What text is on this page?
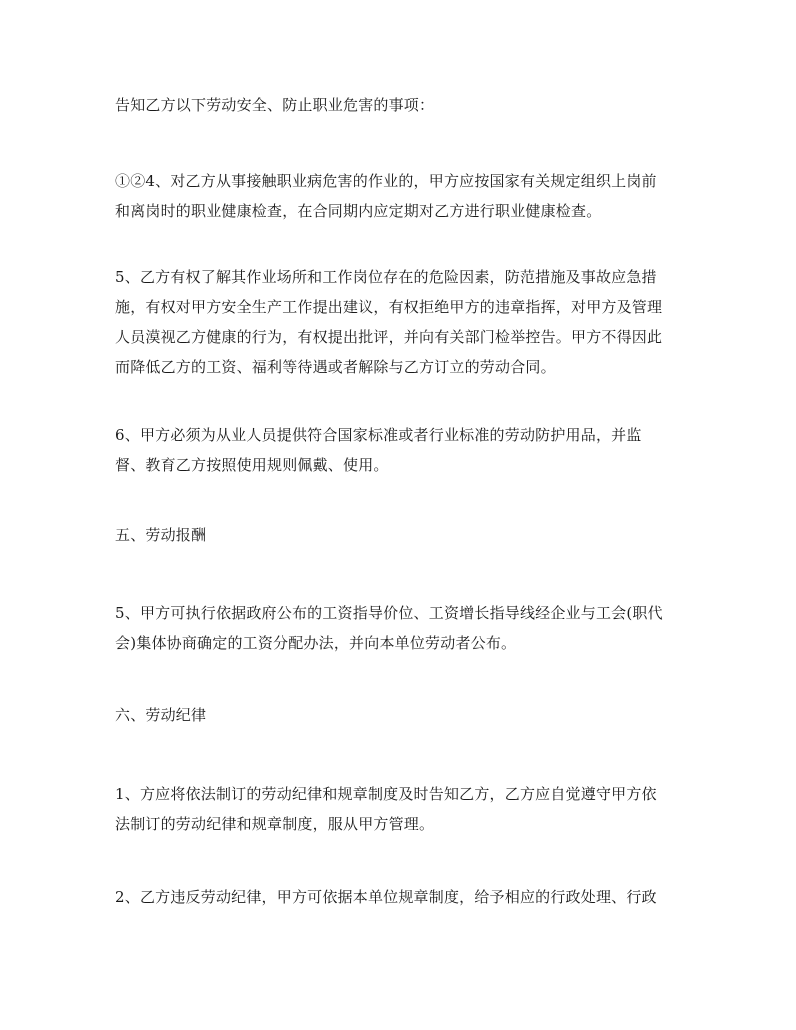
告知乙方以下劳动安全、防止职业危害的事项：

①②4、对乙方从事接触职业病危害的作业的，甲方应按国家有关规定组织上岗前
和离岗时的职业健康检查，在合同期内应定期对乙方进行职业健康检查。

5、乙方有权了解其作业场所和工作岗位存在的危险因素，防范措施及事故应急措
施，有权对甲方安全生产工作提出建议，有权拒绝甲方的违章指挥，对甲方及管理
人员漠视乙方健康的行为，有权提出批评，并向有关部门检举控告。甲方不得因此
而降低乙方的工资、福利等待遇或者解除与乙方订立的劳动合同。

6、甲方必须为从业人员提供符合国家标准或者行业标准的劳动防护用品，并监
督、教育乙方按照使用规则佩戴、使用。

五、劳动报酬

5、甲方可执行依据政府公布的工资指导价位、工资增长指导线经企业与工会(职代
会)集体协商确定的工资分配办法，并向本单位劳动者公布。

六、劳动纪律

1、方应将依法制订的劳动纪律和规章制度及时告知乙方，乙方应自觉遵守甲方依
法制订的劳动纪律和规章制度，服从甲方管理。

2、乙方违反劳动纪律，甲方可依据本单位规章制度，给予相应的行政处理、行政
